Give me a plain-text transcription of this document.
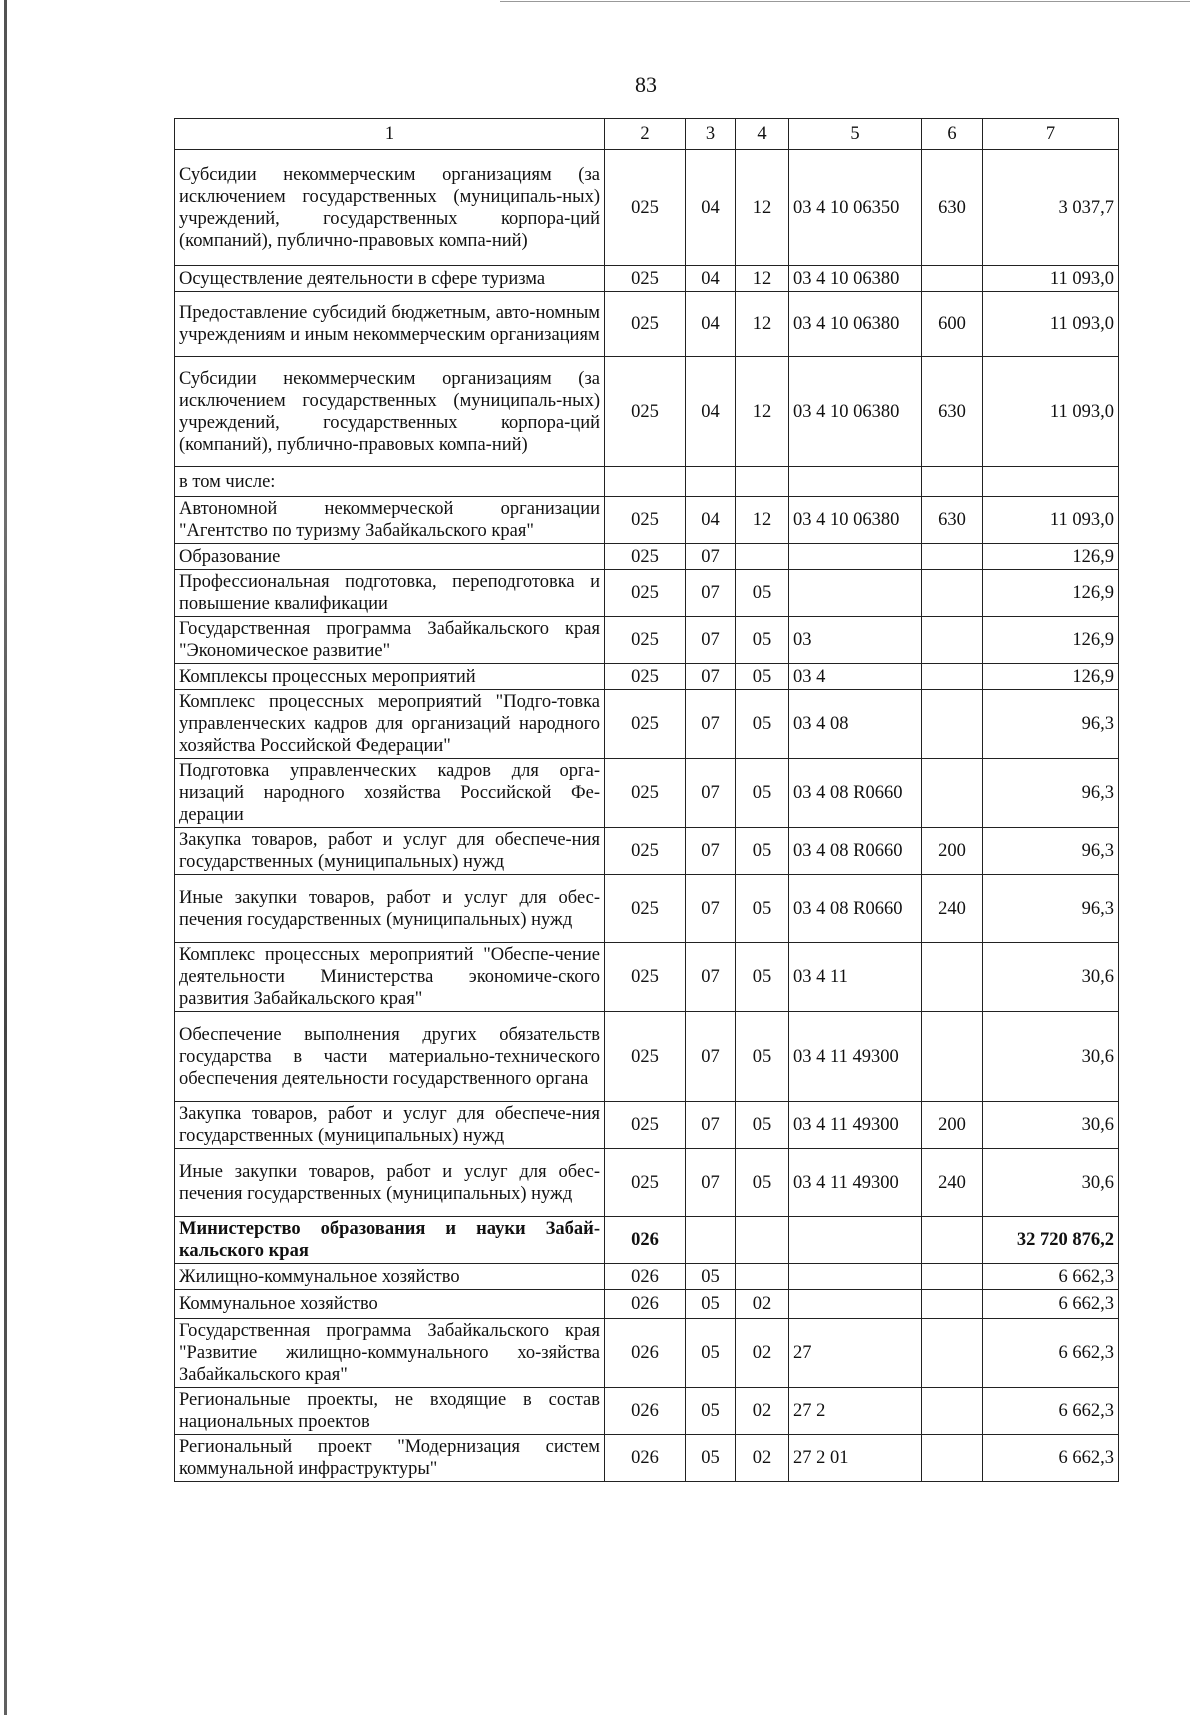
83
1	2	3	4	5	6	7
Субсидии некоммерческим организациям (за исключением государственных (муниципаль-ных) учреждений, государственных корпора-ций (компаний), публично-правовых компа-ний)	025	04	12	03 4 10 06350	630	3 037,7
Осуществление деятельности в сфере туризма	025	04	12	03 4 10 06380		11 093,0
Предоставление субсидий бюджетным, авто-номным учреждениям и иным некоммерческим организациям	025	04	12	03 4 10 06380	600	11 093,0
Субсидии некоммерческим организациям (за исключением государственных (муниципаль-ных) учреждений, государственных корпора-ций (компаний), публично-правовых компа-ний)	025	04	12	03 4 10 06380	630	11 093,0
в том числе:						
Автономной некоммерческой организации "Агентство по туризму Забайкальского края"	025	04	12	03 4 10 06380	630	11 093,0
Образование	025	07				126,9
Профессиональная подготовка, переподготовка и повышение квалификации	025	07	05			126,9
Государственная программа Забайкальского края "Экономическое развитие"	025	07	05	03		126,9
Комплексы процессных мероприятий	025	07	05	03 4		126,9
Комплекс процессных мероприятий "Подго-товка управленческих кадров для организаций народного хозяйства Российской Федерации"	025	07	05	03 4 08		96,3
Подготовка управленческих кадров для орга-низаций народного хозяйства Российской Фе-дерации	025	07	05	03 4 08 R0660		96,3
Закупка товаров, работ и услуг для обеспече-ния государственных (муниципальных) нужд	025	07	05	03 4 08 R0660	200	96,3
Иные закупки товаров, работ и услуг для обес-печения государственных (муниципальных) нужд	025	07	05	03 4 08 R0660	240	96,3
Комплекс процессных мероприятий "Обеспе-чение деятельности Министерства экономиче-ского развития Забайкальского края"	025	07	05	03 4 11		30,6
Обеспечение выполнения других обязательств государства в части материально-технического обеспечения деятельности государственного органа	025	07	05	03 4 11 49300		30,6
Закупка товаров, работ и услуг для обеспече-ния государственных (муниципальных) нужд	025	07	05	03 4 11 49300	200	30,6
Иные закупки товаров, работ и услуг для обес-печения государственных (муниципальных) нужд	025	07	05	03 4 11 49300	240	30,6
Министерство образования и науки Забай-кальского края	026					32 720 876,2
Жилищно-коммунальное хозяйство	026	05				6 662,3
Коммунальное хозяйство	026	05	02			6 662,3
Государственная программа Забайкальского края "Развитие жилищно-коммунального хо-зяйства Забайкальского края"	026	05	02	27		6 662,3
Региональные проекты, не входящие в состав национальных проектов	026	05	02	27 2		6 662,3
Региональный проект "Модернизация систем коммунальной инфраструктуры"	026	05	02	27 2 01		6 662,3
